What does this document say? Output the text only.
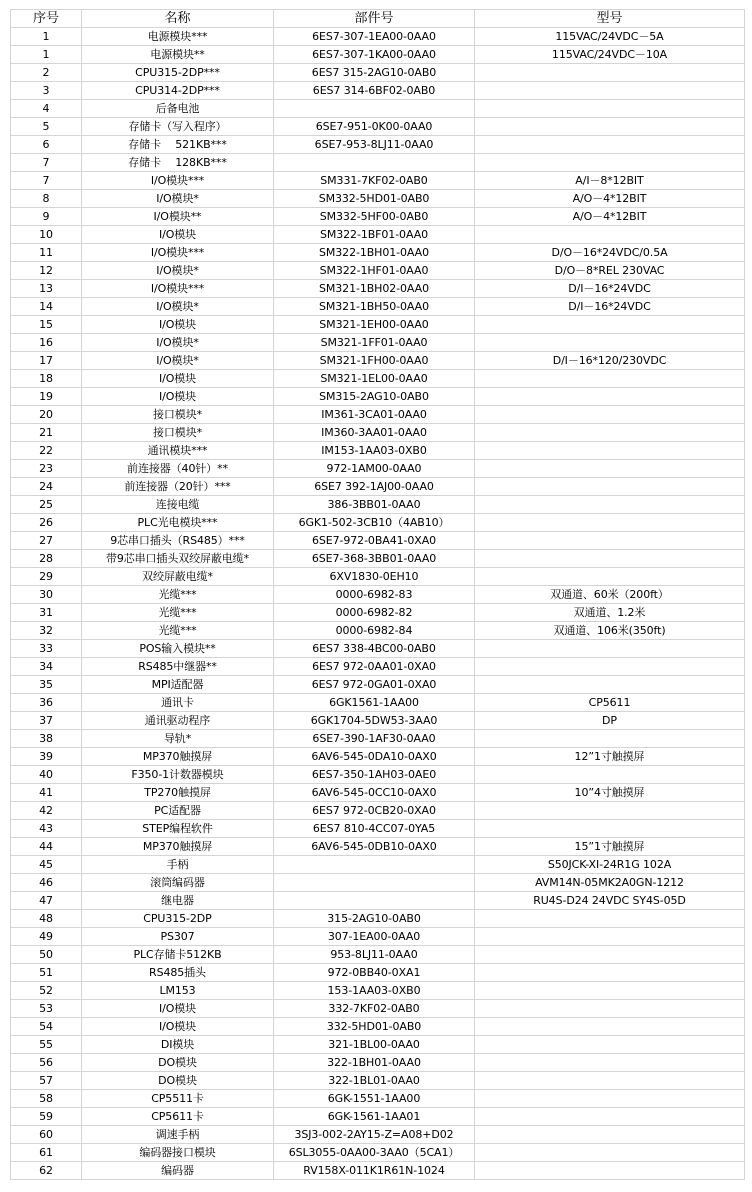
序号	名称	部件号	型号
1	电源模块***	6ES7-307-1EA00-0AA0	115VAC/24VDC－5A
1	电源模块**	6ES7-307-1KA00-0AA0	115VAC/24VDC－10A
2	CPU315-2DP***	6ES7 315-2AG10-0AB0	
3	CPU314-2DP***	6ES7 314-6BF02-0AB0	
4	后备电池		
5	存储卡（写入程序）	6SE7-951-0K00-0AA0	
6	存储卡　 521KB***	6SE7-953-8LJ11-0AA0	
7	存储卡　 128KB***		
7	I/O模块***	SM331-7KF02-0AB0	A/I－8*12BIT
8	I/O模块*	SM332-5HD01-0AB0	A/O－4*12BIT
9	I/O模块**	SM332-5HF00-0AB0	A/O－4*12BIT
10	I/O模块	SM322-1BF01-0AA0	
11	I/O模块***	SM322-1BH01-0AA0	D/O－16*24VDC/0.5A
12	I/O模块*	SM322-1HF01-0AA0	D/O－8*REL 230VAC
13	I/O模块***	SM321-1BH02-0AA0	D/I－16*24VDC
14	I/O模块*	SM321-1BH50-0AA0	D/I－16*24VDC
15	I/O模块	SM321-1EH00-0AA0	
16	I/O模块*	SM321-1FF01-0AA0	
17	I/O模块*	SM321-1FH00-0AA0	D/I－16*120/230VDC
18	I/O模块	SM321-1EL00-0AA0	
19	I/O模块	SM315-2AG10-0AB0	
20	接口模块*	IM361-3CA01-0AA0	
21	接口模块*	IM360-3AA01-0AA0	
22	通讯模块***	IM153-1AA03-0XB0	
23	前连接器（40针）**	972-1AM00-0AA0	
24	前连接器（20针）***	6SE7 392-1AJ00-0AA0	
25	连接电缆	386-3BB01-0AA0	
26	PLC光电模块***	6GK1-502-3CB10（4AB10）	
27	9芯串口插头（RS485）***	6SE7-972-0BA41-0XA0	
28	带9芯串口插头双绞屏蔽电缆*	6SE7-368-3BB01-0AA0	
29	双绞屏蔽电缆*	6XV1830-0EH10	
30	光缆***	0000-6982-83	双通道、60米（200ft）
31	光缆***	0000-6982-82	双通道、1.2米
32	光缆***	0000-6982-84	双通道、106米(350ft)
33	POS输入模块**	6ES7 338-4BC00-0AB0	
34	RS485中继器**	6ES7 972-0AA01-0XA0	
35	MPI适配器	6ES7 972-0GA01-0XA0	
36	通讯卡	6GK1561-1AA00	CP5611
37	通讯驱动程序	6GK1704-5DW53-3AA0	DP
38	导轨*	6SE7-390-1AF30-0AA0	
39	MP370触摸屏	6AV6-545-0DA10-0AX0	12”1寸触摸屏
40	F350-1计数器模块	6ES7-350-1AH03-0AE0	
41	TP270触摸屏	6AV6-545-0CC10-0AX0	10”4寸触摸屏
42	PC适配器	6ES7 972-0CB20-0XA0	
43	STEP编程软件	6ES7 810-4CC07-0YA5	
44	MP370触摸屏	6AV6-545-0DB10-0AX0	15”1寸触摸屏
45	手柄		S50JCK-XI-24R1G 102A
46	滚筒编码器		AVM14N-05MK2A0GN-1212
47	继电器		RU4S-D24 24VDC SY4S-05D
48	CPU315-2DP	315-2AG10-0AB0	
49	PS307	307-1EA00-0AA0	
50	PLC存储卡512KB	953-8LJ11-0AA0	
51	RS485插头	972-0BB40-0XA1	
52	LM153	153-1AA03-0XB0	
53	I/O模块	332-7KF02-0AB0	
54	I/O模块	332-5HD01-0AB0	
55	DI模块	321-1BL00-0AA0	
56	DO模块	322-1BH01-0AA0	
57	DO模块	322-1BL01-0AA0	
58	CP5511卡	6GK-1551-1AA00	
59	CP5611卡	6GK-1561-1AA01	
60	调速手柄	3SJ3-002-2AY15-Z=A08+D02	
61	编码器接口模块	6SL3055-0AA00-3AA0（5CA1）	
62	编码器	RV158X-011K1R61N-1024	
